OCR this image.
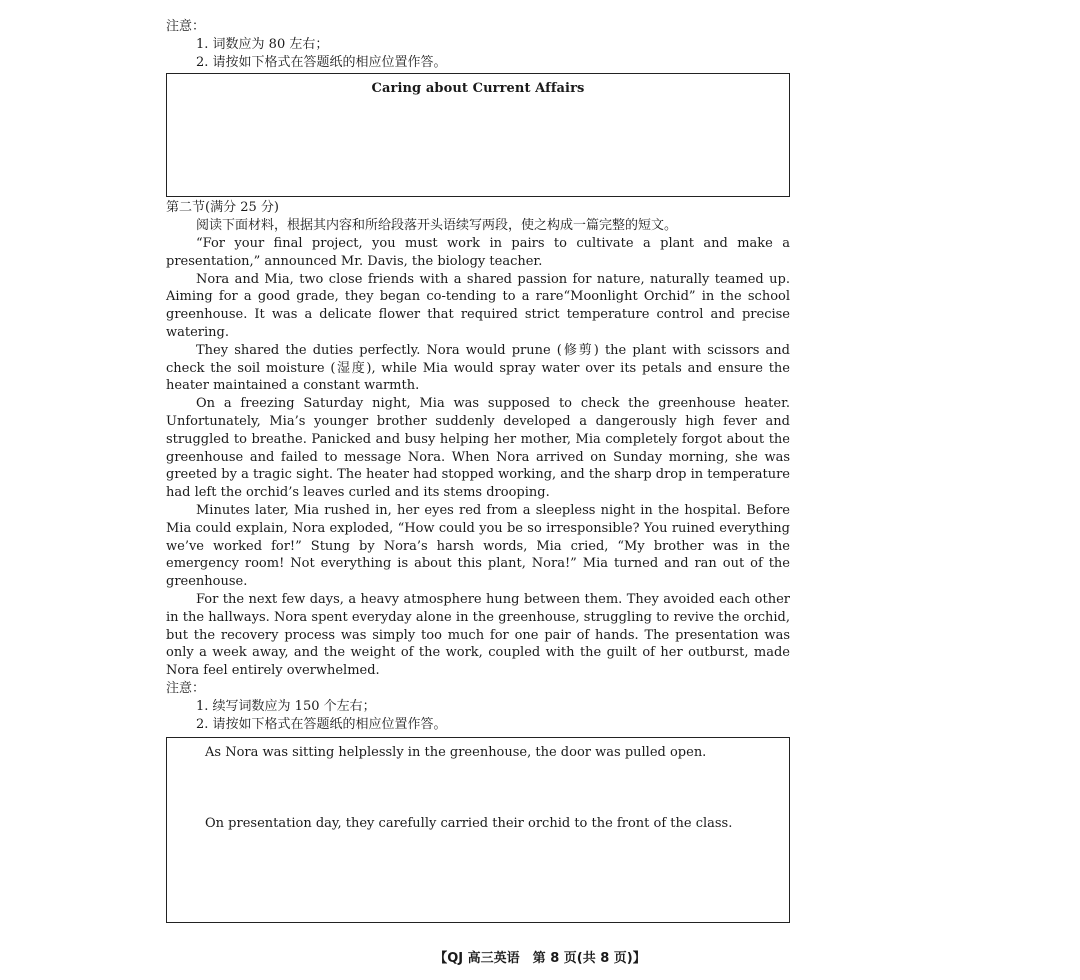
注意：
1. 词数应为 80 左右；
2. 请按如下格式在答题纸的相应位置作答。
Caring about Current Affairs
第二节(满分 25 分)
阅读下面材料，根据其内容和所给段落开头语续写两段，使之构成一篇完整的短文。

“For your final project, you must work in pairs to cultivate a plant and make a presentation,” announced Mr. Davis, the biology teacher.

Nora and Mia, two close friends with a shared passion for nature, naturally teamed up. Aiming for a good grade, they began co-tending to a rare“Moonlight Orchid” in the school greenhouse. It was a delicate flower that required strict temperature control and precise watering.

They shared the duties perfectly. Nora would prune (修剪) the plant with scissors and check the soil moisture (湿度), while Mia would spray water over its petals and ensure the heater maintained a constant warmth.

On a freezing Saturday night, Mia was supposed to check the greenhouse heater. Unfortunately, Mia’s younger brother suddenly developed a dangerously high fever and struggled to breathe. Panicked and busy helping her mother, Mia completely forgot about the greenhouse and failed to message Nora. When Nora arrived on Sunday morning, she was greeted by a tragic sight. The heater had stopped working, and the sharp drop in temperature had left the orchid’s leaves curled and its stems drooping.

Minutes later, Mia rushed in, her eyes red from a sleepless night in the hospital. Before Mia could explain, Nora exploded, “How could you be so irresponsible? You ruined everything we’ve worked for!” Stung by Nora’s harsh words, Mia cried, “My brother was in the emergency room! Not everything is about this plant, Nora!” Mia turned and ran out of the greenhouse.

For the next few days, a heavy atmosphere hung between them. They avoided each other in the hallways. Nora spent everyday alone in the greenhouse, struggling to revive the orchid, but the recovery process was simply too much for one pair of hands. The presentation was only a week away, and the weight of the work, coupled with the guilt of her outburst, made Nora feel entirely overwhelmed.

注意：
1. 续写词数应为 150 个左右；
2. 请按如下格式在答题纸的相应位置作答。
As Nora was sitting helplessly in the greenhouse, the door was pulled open.
On presentation day, they carefully carried their orchid to the front of the class.
【QJ 高三英语　第 8 页(共 8 页)】
